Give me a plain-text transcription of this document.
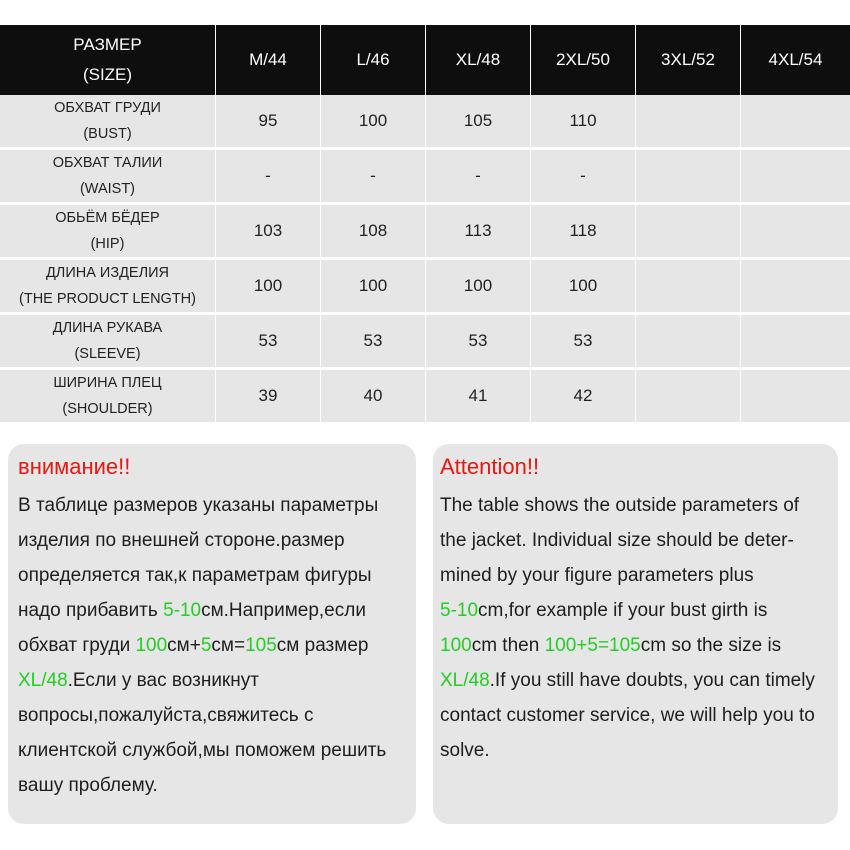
РАЗМЕР
(SIZE)	M/44	L/46	XL/48	2XL/50	3XL/52	4XL/54

ОБХВАТ ГРУДИ
(BUST)	95	100	105	110		

ОБХВАТ ТАЛИИ
(WAIST)	-	-	-	-		

ОБЬЁМ БЁДЕР
(HIP)	103	108	113	118		

ДЛИНА ИЗДЕЛИЯ
(THE PRODUCT LENGTH)	100	100	100	100		

ДЛИНА РУКАВА
(SLEEVE)	53	53	53	53		

ШИРИНА ПЛЕЦ
(SHOULDER)	39	40	41	42		
внимание!!
В таблице размеров указаны параметры
изделия по внешней стороне.размер
определяется так,к параметрам фигуры
надо прибавить 5-10см.Например,если
обхват груди 100см+5см=105см размер
XL/48.Если у вас возникнут
вопросы,пожалуйста,свяжитесь с
клиентской службой,мы поможем решить
вашу проблему.
Attention!!
The table shows the outside parameters of
the jacket. Individual size should be deter-
mined by your figure parameters plus
5-10cm,for example if your bust girth is
100cm then 100+5=105cm so the size is
XL/48.If you still have doubts, you can timely
contact customer service, we will help you to
solve.
